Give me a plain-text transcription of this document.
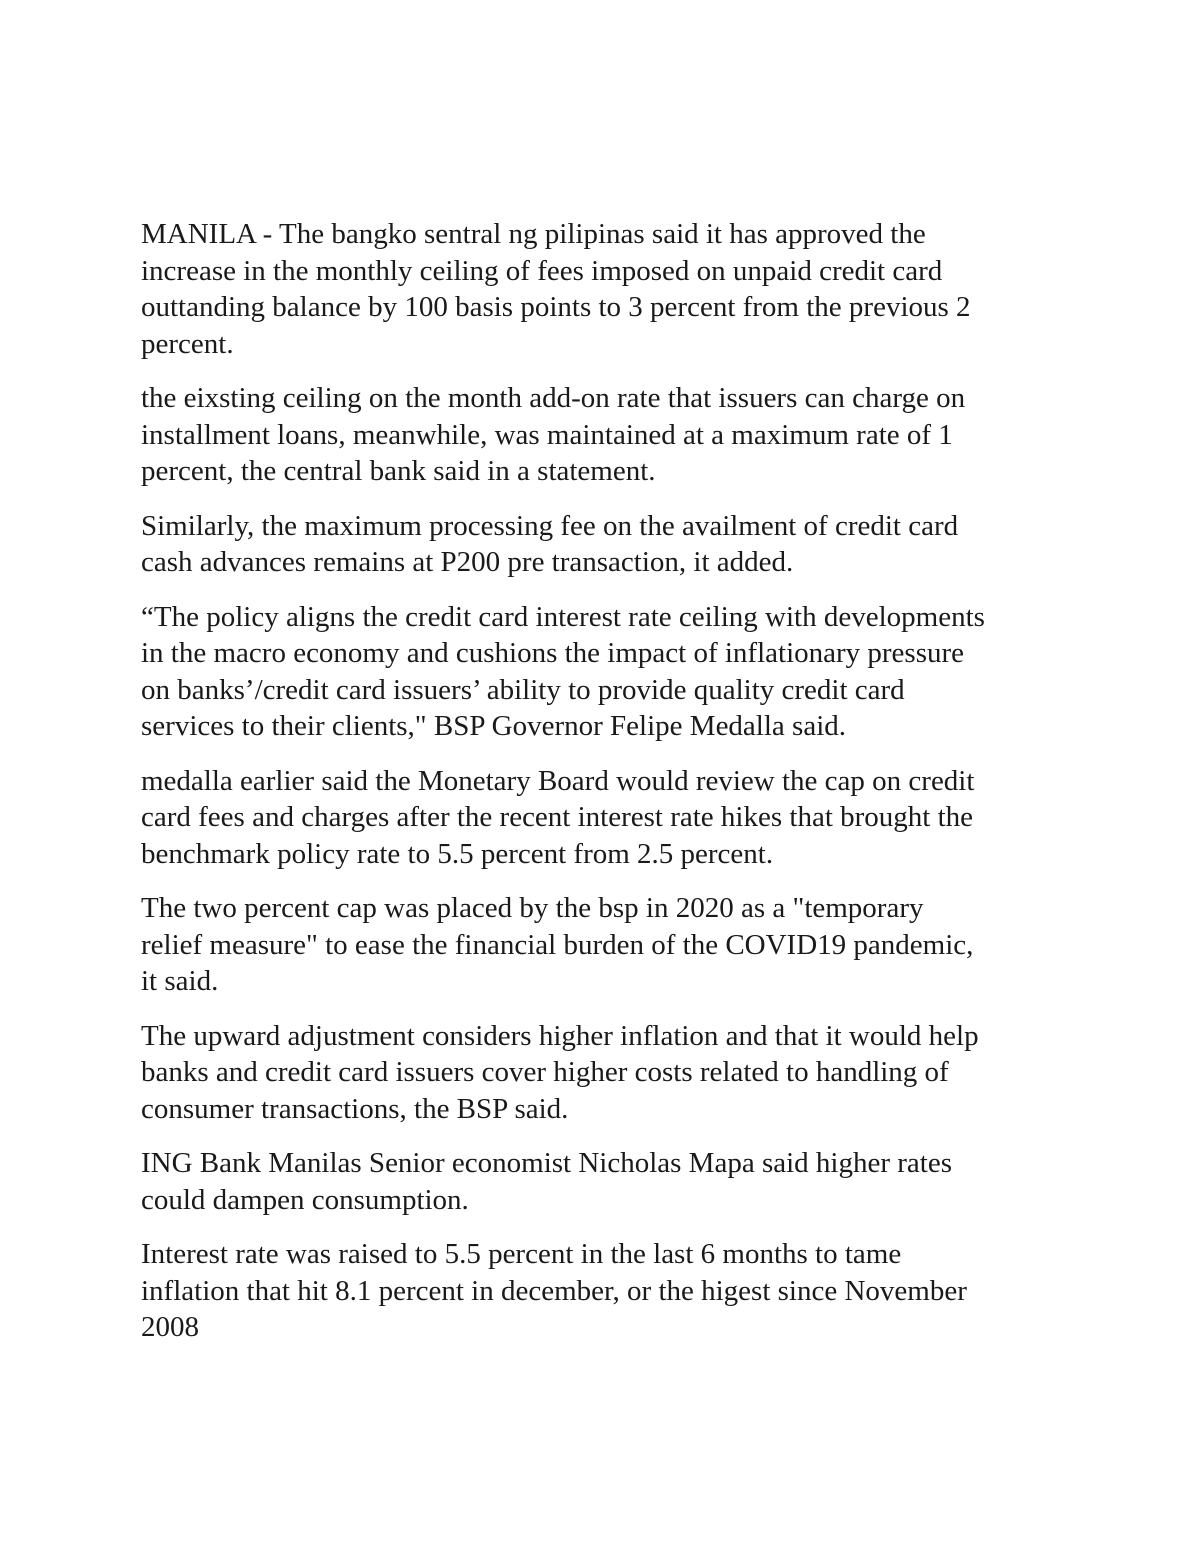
MANILA - The bangko sentral ng pilipinas said it has approved the
increase in the monthly ceiling of fees imposed on unpaid credit card
outtanding balance by 100 basis points to 3 percent from the previous 2
percent.

the eixsting ceiling on the month add-on rate that issuers can charge on
installment loans, meanwhile, was maintained at a maximum rate of 1
percent, the central bank said in a statement.

Similarly, the maximum processing fee on the availment of credit card
cash advances remains at P200 pre transaction, it added.

“The policy aligns the credit card interest rate ceiling with developments
in the macro economy and cushions the impact of inflationary pressure
on banks’/credit card issuers’ ability to provide quality credit card
services to their clients," BSP Governor Felipe Medalla said.

medalla earlier said the Monetary Board would review the cap on credit
card fees and charges after the recent interest rate hikes that brought the
benchmark policy rate to 5.5 percent from 2.5 percent.

The two percent cap was placed by the bsp in 2020 as a "temporary
relief measure" to ease the financial burden of the COVID19 pandemic,
it said.

The upward adjustment considers higher inflation and that it would help
banks and credit card issuers cover higher costs related to handling of
consumer transactions, the BSP said.

ING Bank Manilas Senior economist Nicholas Mapa said higher rates
could dampen consumption.

Interest rate was raised to 5.5 percent in the last 6 months to tame
inflation that hit 8.1 percent in december, or the higest since November
2008
